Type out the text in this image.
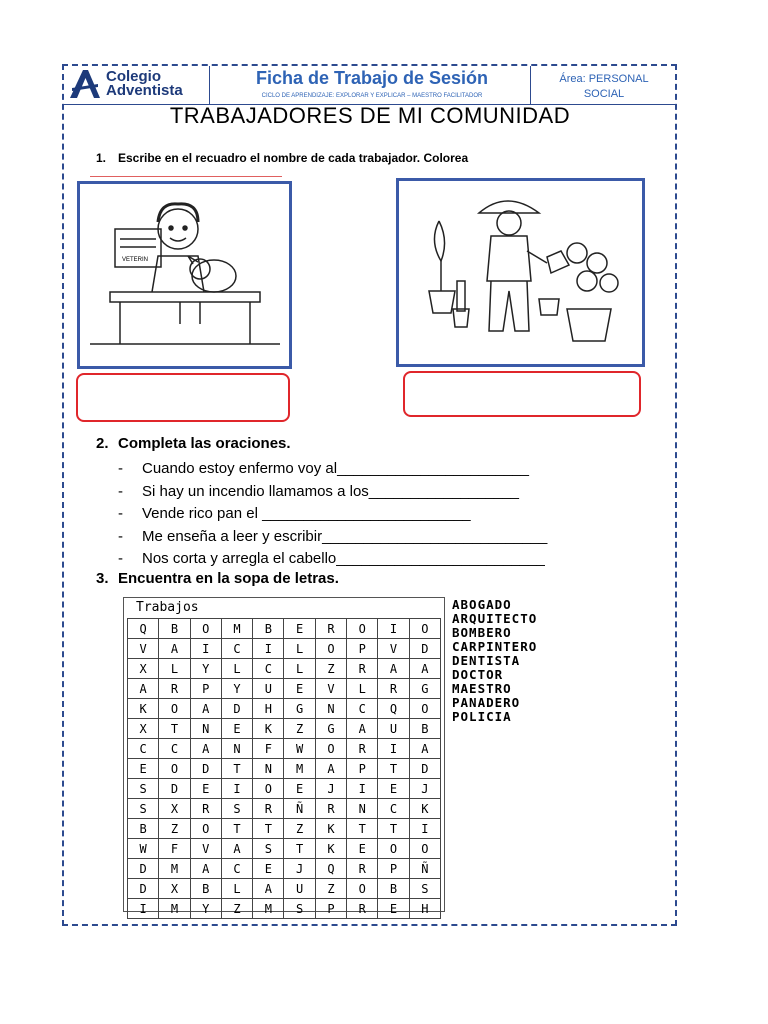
Colegio
Adventista
Ficha de Trabajo de Sesión
CICLO DE APRENDIZAJE: EXPLORAR Y EXPLICAR – MAESTRO FACILITADOR
Área: PERSONAL
SOCIAL
TRABAJADORES DE MI COMUNIDAD
1. Escribe en el recuadro el nombre de cada trabajador. Colorea
VETERIN
2. Completa las oraciones.
- Cuando estoy enfermo voy al_______________________
- Si hay un incendio llamamos a los__________________
- Vende rico pan el _________________________
- Me enseña a leer y escribir___________________________
- Nos corta y arregla el cabello_________________________
3. Encuentra en la sopa de letras.
Trabajos
Q	B	O	M	B	E	R	O	I	O
V	A	I	C	I	L	O	P	V	D
X	L	Y	L	C	L	Z	R	A	A
A	R	P	Y	U	E	V	L	R	G
K	O	A	D	H	G	N	C	Q	O
X	T	N	E	K	Z	G	A	U	B
C	C	A	N	F	W	O	R	I	A
E	O	D	T	N	M	A	P	T	D
S	D	E	I	O	E	J	I	E	J
S	X	R	S	R	Ñ	R	N	C	K
B	Z	O	T	T	Z	K	T	T	I
W	F	V	A	S	T	K	E	O	O
D	M	A	C	E	J	Q	R	P	Ñ
D	X	B	L	A	U	Z	O	B	S
I	M	Y	Z	M	S	P	R	E	H
ABOGADO
ARQUITECTO
BOMBERO
CARPINTERO
DENTISTA
DOCTOR
MAESTRO
PANADERO
POLICIA
